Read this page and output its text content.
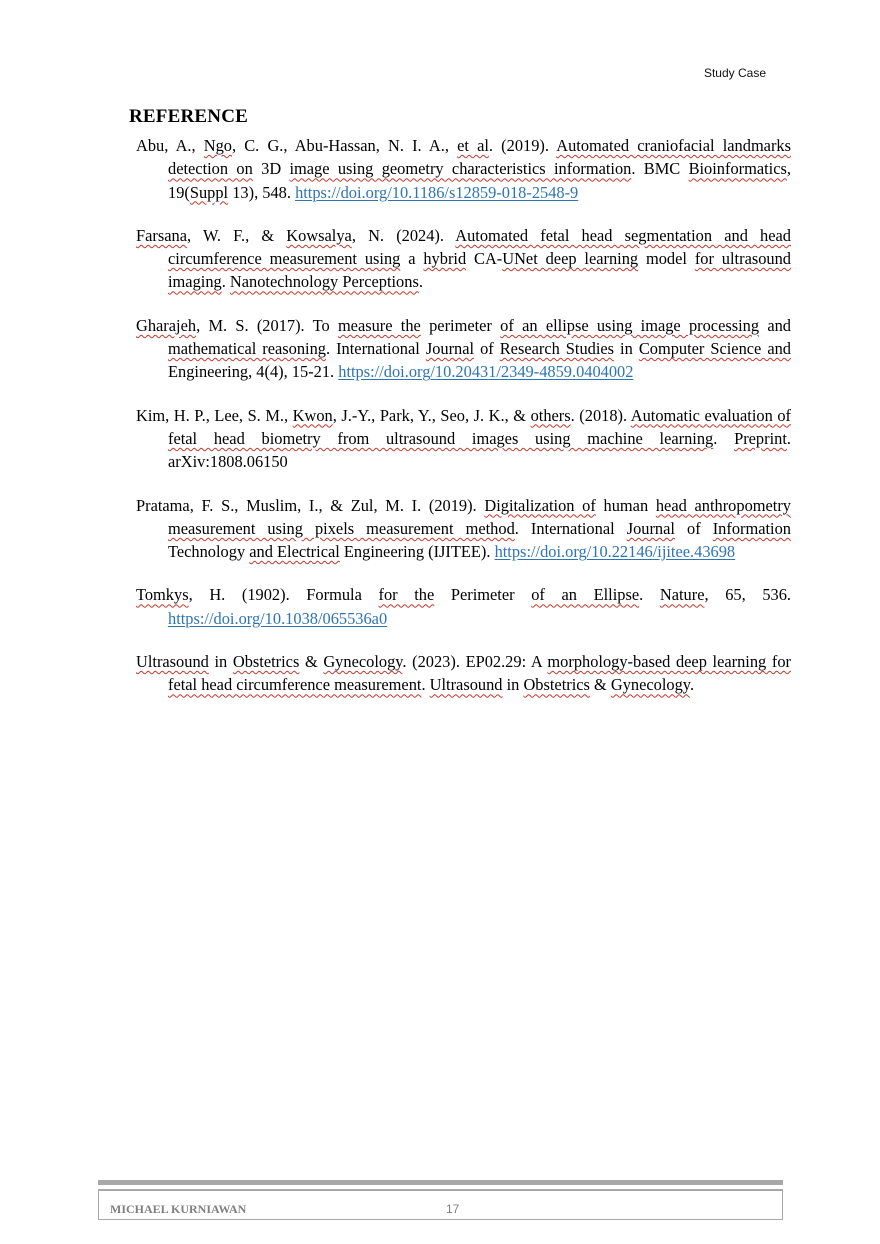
Study Case
REFERENCE

Abu, A., Ngo, C. G., Abu-Hassan, N. I. A., et al. (2019). Automated craniofacial landmarks detection on 3D image using geometry characteristics information. BMC Bioinformatics, 19(Suppl 13), 548. https://doi.org/10.1186/s12859-018-2548-9

Farsana, W. F., & Kowsalya, N. (2024). Automated fetal head segmentation and head circumference measurement using a hybrid CA-UNet deep learning model for ultrasound imaging. Nanotechnology Perceptions.

Gharajeh, M. S. (2017). To measure the perimeter of an ellipse using image processing and mathematical reasoning. International Journal of Research Studies in Computer Science and Engineering, 4(4), 15-21. https://doi.org/10.20431/2349-4859.0404002

Kim, H. P., Lee, S. M., Kwon, J.-Y., Park, Y., Seo, J. K., & others. (2018). Automatic evaluation of fetal head biometry from ultrasound images using machine learning. Preprint. arXiv:1808.06150

Pratama, F. S., Muslim, I., & Zul, M. I. (2019). Digitalization of human head anthropometry measurement using pixels measurement method. International Journal of Information Technology and Electrical Engineering (IJITEE). https://doi.org/10.22146/ijitee.43698

Tomkys, H. (1902). Formula for the Perimeter of an Ellipse. Nature, 65, 536. https://doi.org/10.1038/065536a0

Ultrasound in Obstetrics & Gynecology. (2023). EP02.29: A morphology-based deep learning for fetal head circumference measurement. Ultrasound in Obstetrics & Gynecology.

MICHAEL KURNIAWAN	17
